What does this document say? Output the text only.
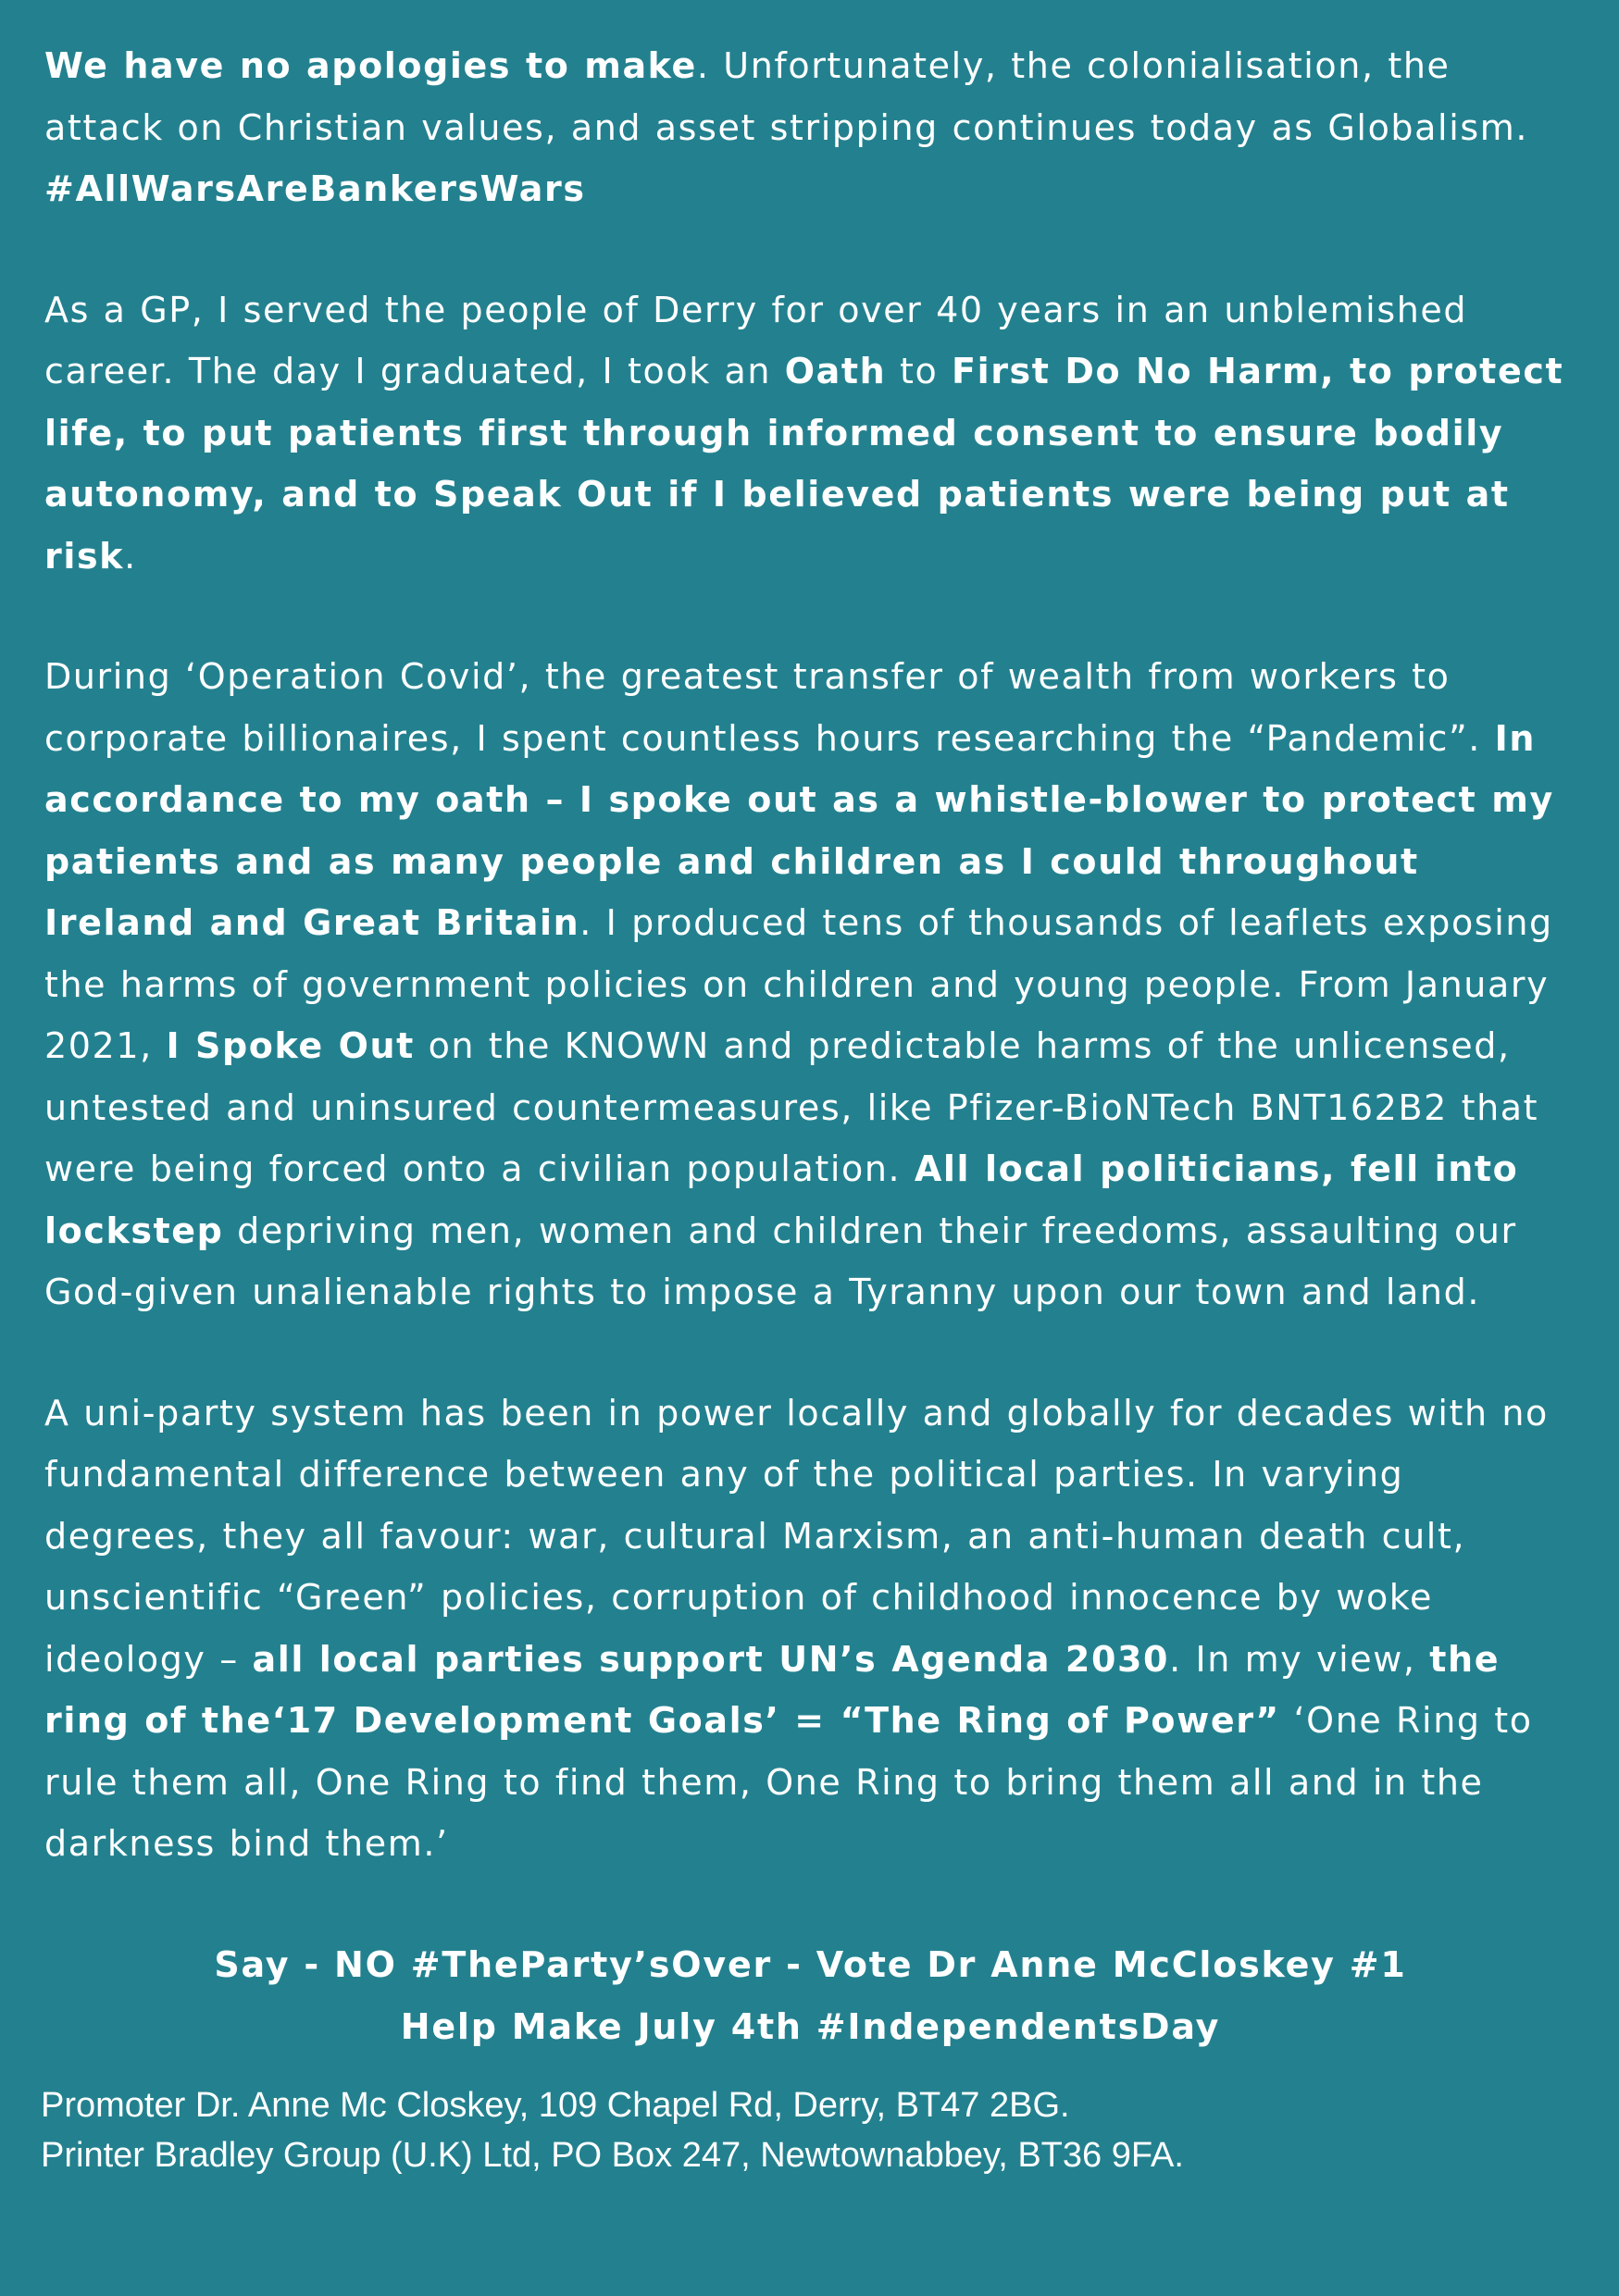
We have no apologies to make. Unfortunately, the colonialisation, the attack on Christian values, and asset stripping continues today as Globalism. #AllWarsAreBankersWars

As a GP, I served the people of Derry for over 40 years in an unblemished career. The day I graduated, I took an Oath to First Do No Harm, to protect life, to put patients first through informed consent to ensure bodily autonomy, and to Speak Out if I believed patients were being put at risk.

During ‘Operation Covid’, the greatest transfer of wealth from workers to corporate billionaires, I spent countless hours researching the “Pandemic”. In accordance to my oath – I spoke out as a whistle-blower to protect my patients and as many people and children as I could throughout Ireland and Great Britain. I produced tens of thousands of leaflets exposing the harms of government policies on children and young people. From January 2021, I Spoke Out on the KNOWN and predictable harms of the unlicensed, untested and uninsured countermeasures, like Pfizer-BioNTech BNT162B2 that were being forced onto a civilian population. All local politicians, fell into lockstep depriving men, women and children their freedoms, assaulting our God-given unalienable rights to impose a Tyranny upon our town and land.

A uni-party system has been in power locally and globally for decades with no fundamental difference between any of the political parties. In varying degrees, they all favour: war, cultural Marxism, an anti-human death cult, unscientific “Green” policies, corruption of childhood innocence by woke ideology – all local parties support UN’s Agenda 2030. In my view, the ring of the‘17 Development Goals’ = “The Ring of Power” ‘One Ring to rule them all, One Ring to find them, One Ring to bring them all and in the darkness bind them.’

Say - NO #TheParty’sOver - Vote Dr Anne McCloskey #1
Help Make July 4th #IndependentsDay
Promoter Dr. Anne Mc Closkey, 109 Chapel Rd, Derry, BT47 2BG.
Printer Bradley Group (U.K) Ltd, PO Box 247, Newtownabbey, BT36 9FA.
